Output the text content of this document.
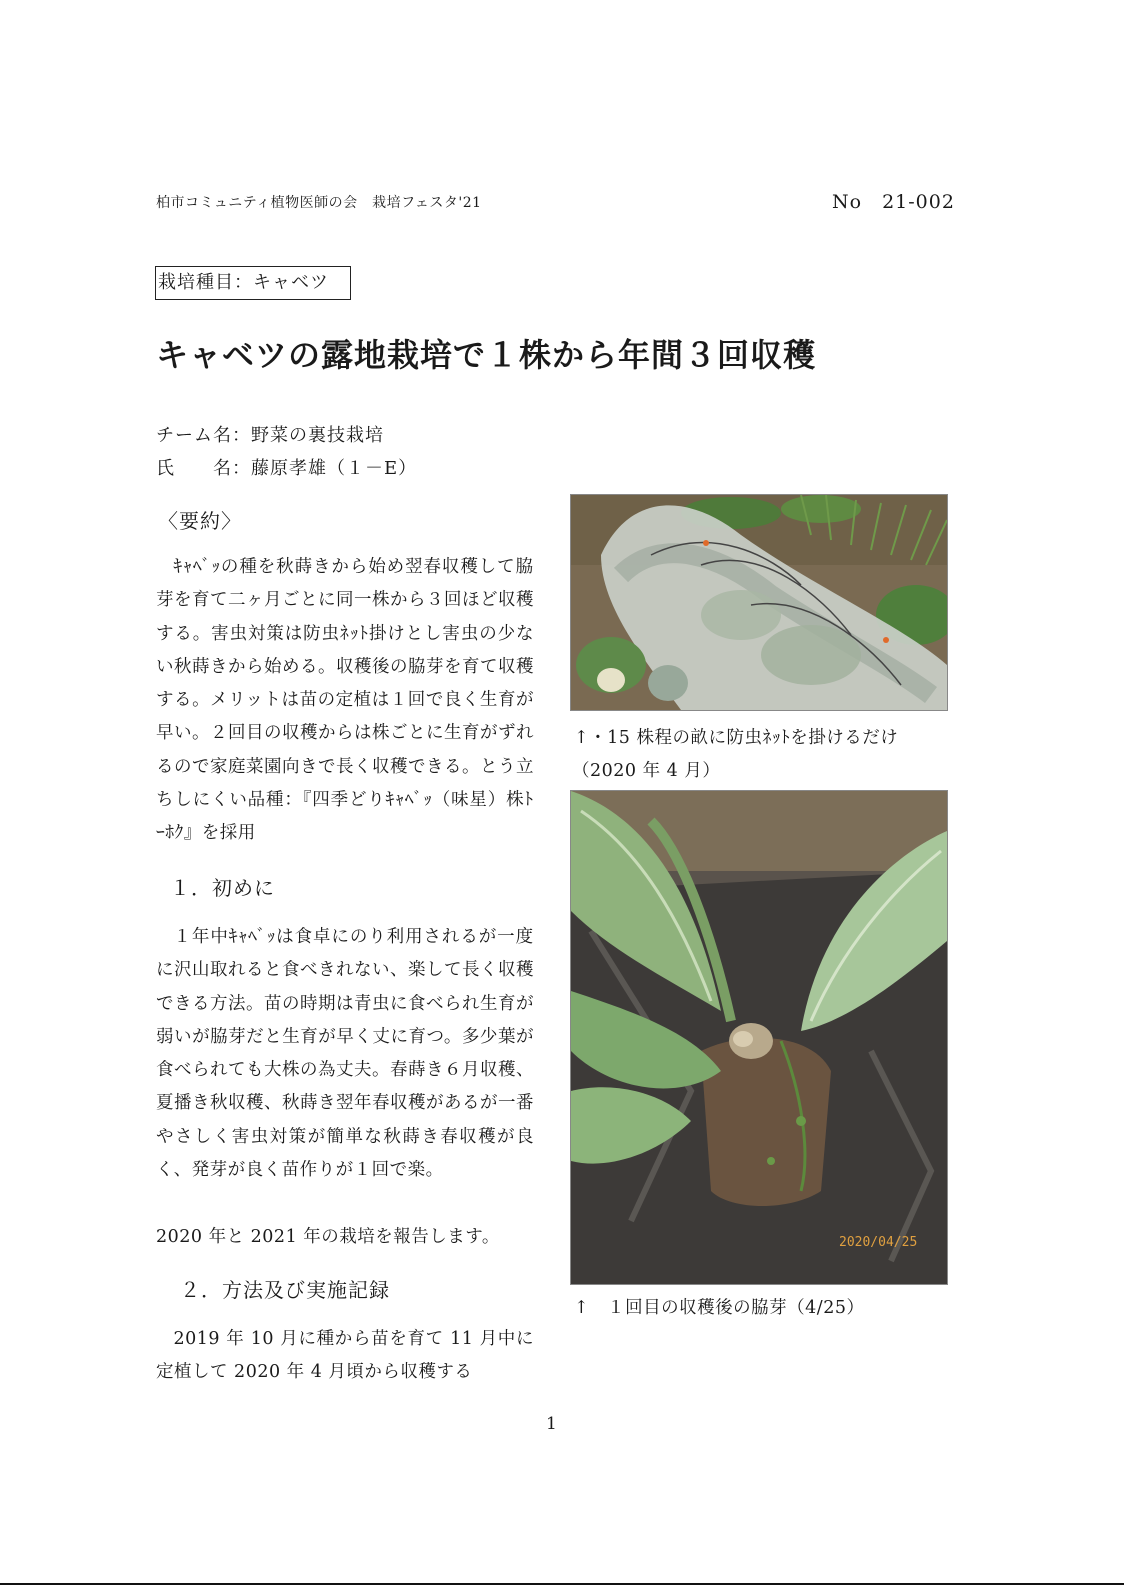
柏市コミュニティ植物医師の会　栽培フェスタ'21	No　21-002
栽培種目：キャベツ
キャベツの露地栽培で１株から年間３回収穫
チーム名：野菜の裏技栽培
氏　　名：藤原孝雄（１－E）
〈要約〉
ｷｬﾍﾞｯの種を秋蒔きから始め翌春収穫して脇芽を育て二ヶ月ごとに同一株から３回ほど収穫する。害虫対策は防虫ﾈｯﾄ掛けとし害虫の少ない秋蒔きから始める。収穫後の脇芽を育て収穫する。メリットは苗の定植は１回で良く生育が早い。２回目の収穫からは株ごとに生育がずれるので家庭菜園向きで長く収穫できる。とう立ちしにくい品種：『四季どりｷｬﾍﾞｯ（味星）株ﾄｰﾎｸ』を採用
１．初めに
１年中ｷｬﾍﾞｯは食卓にのり利用されるが一度に沢山取れると食べきれない、楽して長く収穫できる方法。苗の時期は青虫に食べられ生育が弱いが脇芽だと生育が早く丈に育つ。多少葉が食べられても大株の為丈夫。春蒔き６月収穫、夏播き秋収穫、秋蒔き翌年春収穫があるが一番やさしく害虫対策が簡単な秋蒔き春収穫が良く、発芽が良く苗作りが１回で楽。
2020 年と 2021 年の栽培を報告します。
２．方法及び実施記録
2019 年 10 月に種から苗を育て 11 月中に定植して 2020 年 4 月頃から収穫する
↑・15 株程の畝に防虫ﾈｯﾄを掛けるだけ
（2020 年 4 月）
2020/04/25
↑　１回目の収穫後の脇芽（4/25）
1
